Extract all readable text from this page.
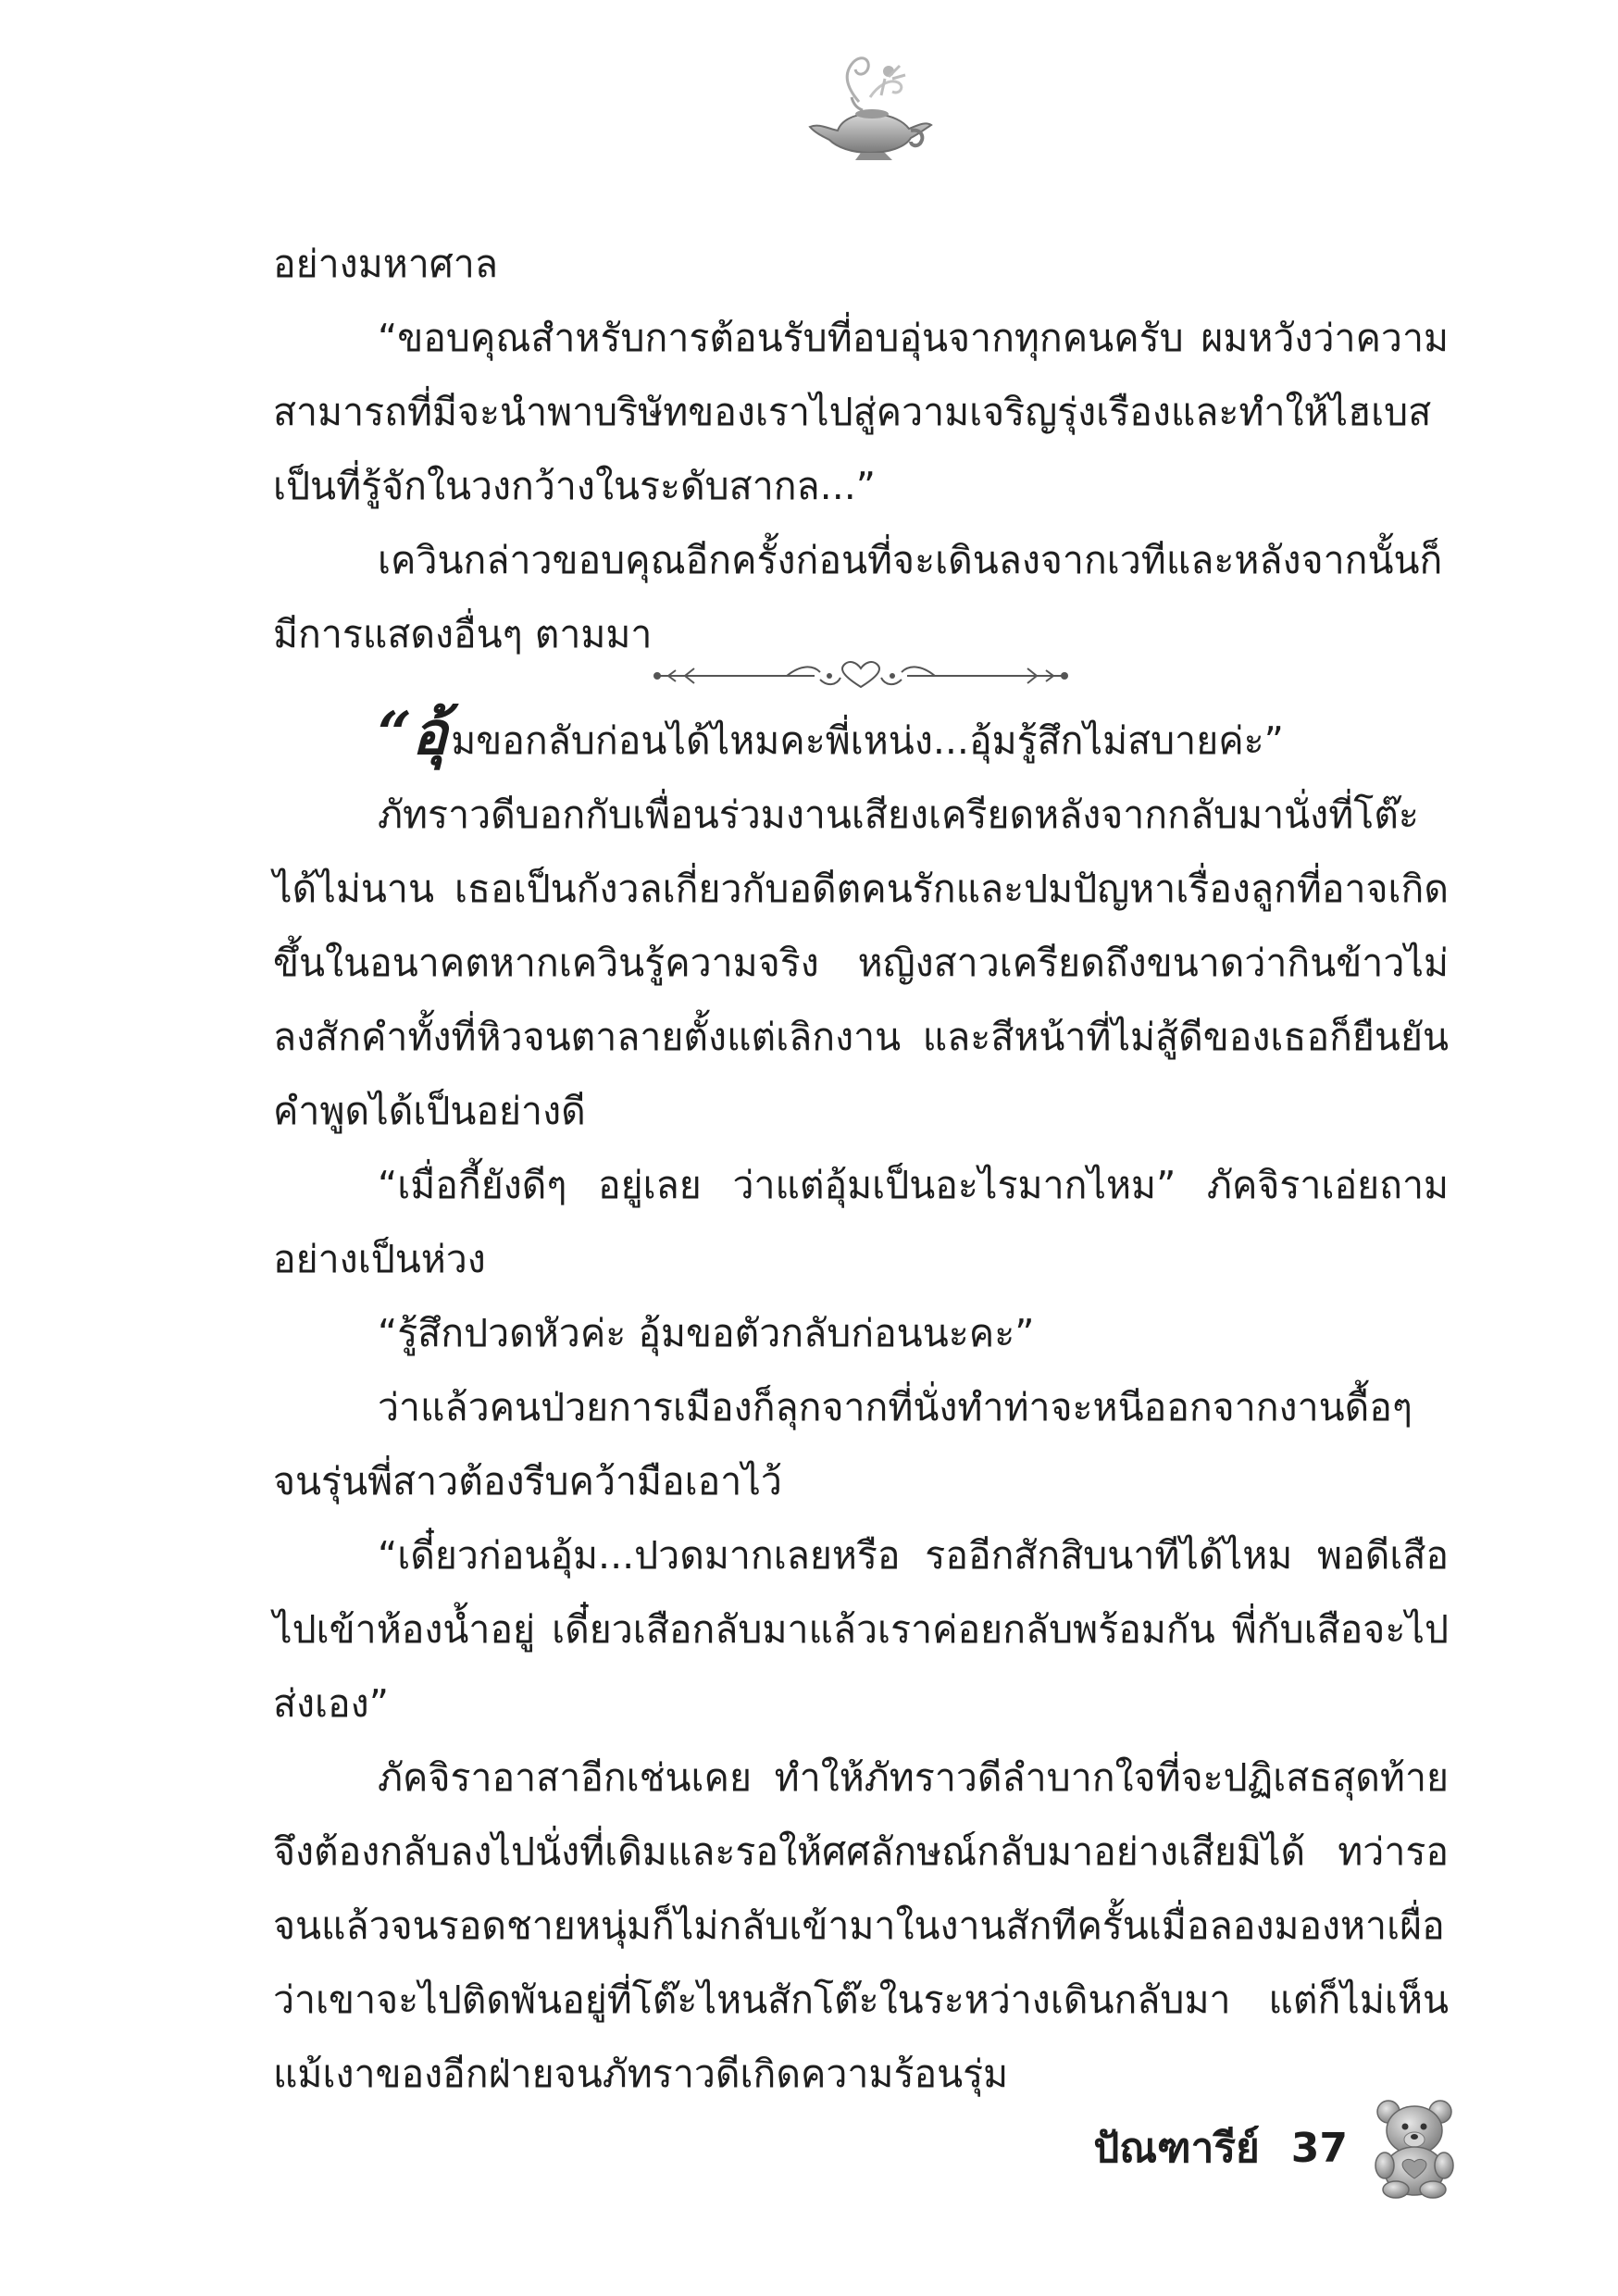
อย่างมหาศาล

“ขอบคุณสำหรับการต้อนรับที่อบอุ่นจากทุกคนครับ ผมหวังว่าความสามารถที่มีจะนำพาบริษัทของเราไปสู่ความเจริญรุ่งเรืองและทำให้ไฮเบสเป็นที่รู้จักในวงกว้างในระดับสากล...”

เควินกล่าวขอบคุณอีกครั้งก่อนที่จะเดินลงจากเวทีและหลังจากนั้นก็มีการแสดงอื่นๆ ตามมา

“อุ้มขอกลับก่อนได้ไหมคะพี่เหน่ง...อุ้มรู้สึกไม่สบายค่ะ”

ภัทราวดีบอกกับเพื่อนร่วมงานเสียงเครียดหลังจากกลับมานั่งที่โต๊ะได้ไม่นาน เธอเป็นกังวลเกี่ยวกับอดีตคนรักและปมปัญหาเรื่องลูกที่อาจเกิดขึ้นในอนาคตหากเควินรู้ความจริง หญิงสาวเครียดถึงขนาดว่ากินข้าวไม่ลงสักคำทั้งที่หิวจนตาลายตั้งแต่เลิกงาน และสีหน้าที่ไม่สู้ดีของเธอก็ยืนยันคำพูดได้เป็นอย่างดี

“เมื่อกี้ยังดีๆ อยู่เลย ว่าแต่อุ้มเป็นอะไรมากไหม” ภัคจิราเอ่ยถามอย่างเป็นห่วง

“รู้สึกปวดหัวค่ะ อุ้มขอตัวกลับก่อนนะคะ”

ว่าแล้วคนป่วยการเมืองก็ลุกจากที่นั่งทำท่าจะหนีออกจากงานดื้อๆ จนรุ่นพี่สาวต้องรีบคว้ามือเอาไว้

“เดี๋ยวก่อนอุ้ม...ปวดมากเลยหรือ รออีกสักสิบนาทีได้ไหม พอดีเสือไปเข้าห้องน้ำอยู่ เดี๋ยวเสือกลับมาแล้วเราค่อยกลับพร้อมกัน พี่กับเสือจะไปส่งเอง”

ภัคจิราอาสาอีกเช่นเคย ทำให้ภัทราวดีลำบากใจที่จะปฏิเสธสุดท้ายจึงต้องกลับลงไปนั่งที่เดิมและรอให้ศศลักษณ์กลับมาอย่างเสียมิได้ ทว่ารอจนแล้วจนรอดชายหนุ่มก็ไม่กลับเข้ามาในงานสักทีครั้นเมื่อลองมองหาเผื่อว่าเขาจะไปติดพันอยู่ที่โต๊ะไหนสักโต๊ะในระหว่างเดินกลับมา แต่ก็ไม่เห็นแม้เงาของอีกฝ่ายจนภัทราวดีเกิดความร้อนรุ่ม

ปัณฑารีย์ 37
